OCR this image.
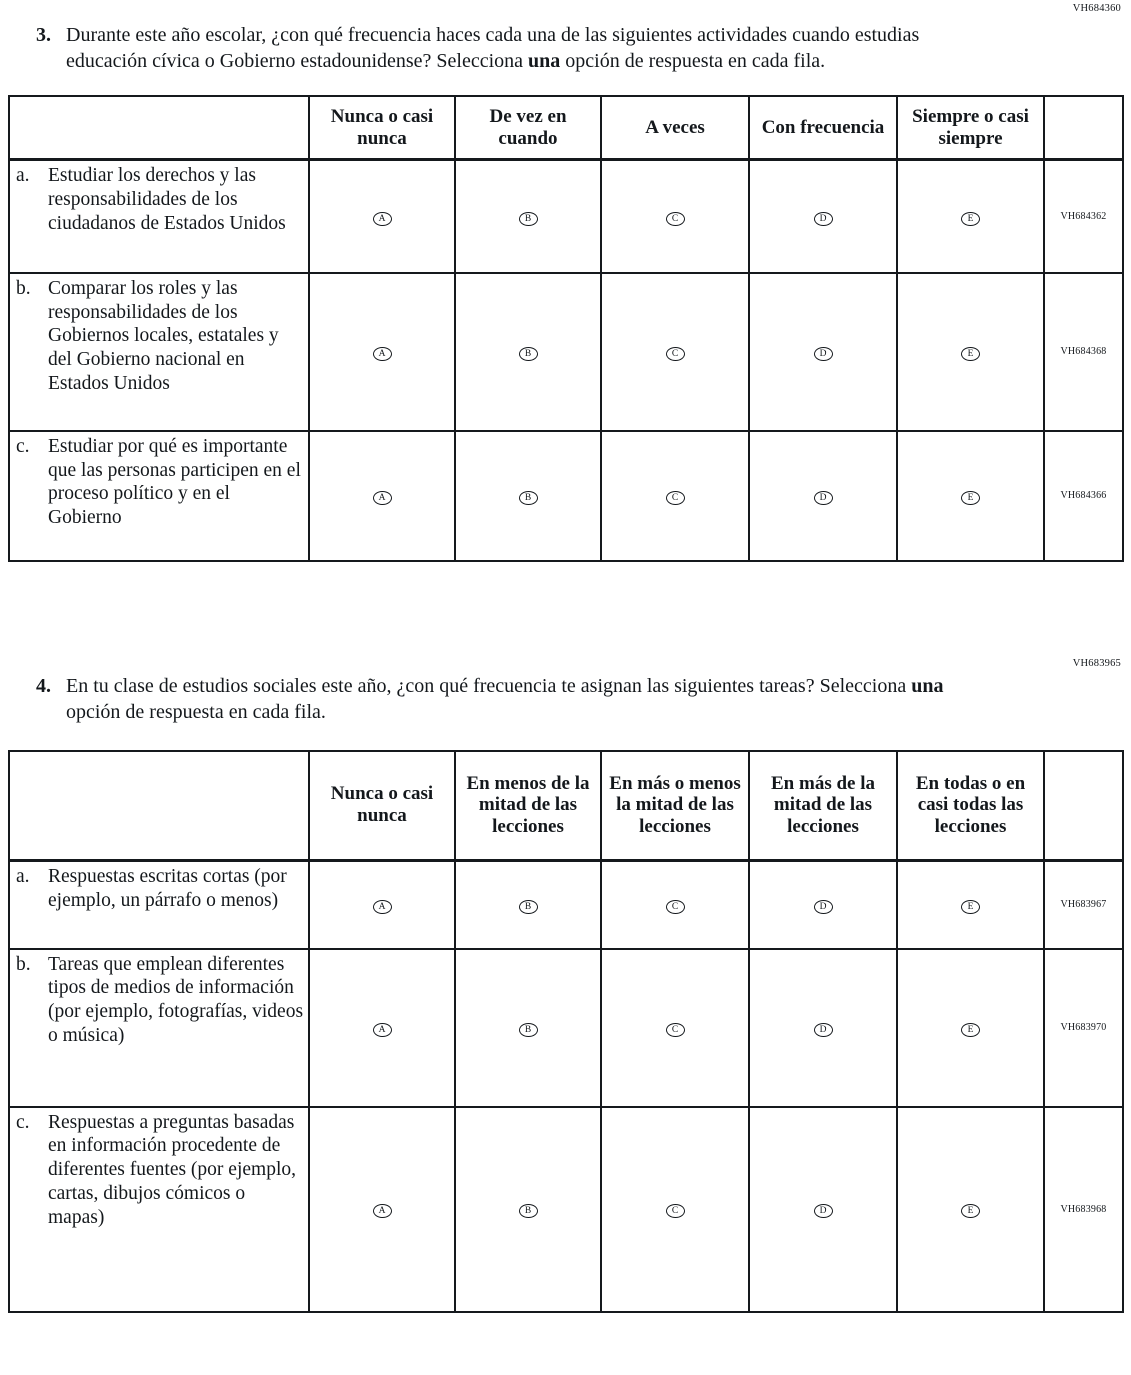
VH684360
3. Durante este año escolar, ¿con qué frecuencia haces cada una de las siguientes actividades cuando estudias educación cívica o Gobierno estadounidense? Selecciona una opción de respuesta en cada fila.
	Nunca o casi nunca	De vez en cuando	A veces	Con frecuencia	Siempre o casi siempre	

a. Estudiar los derechos y las responsabilidades de los ciudadanos de Estados Unidos	A	B	C	D	E	VH684362

b. Comparar los roles y las responsabilidades de los Gobiernos locales, estatales y del Gobierno nacional en Estados Unidos	A	B	C	D	E	VH684368

c. Estudiar por qué es importante que las personas participen en el proceso político y en el Gobierno	A	B	C	D	E	VH684366
VH683965
4. En tu clase de estudios sociales este año, ¿con qué frecuencia te asignan las siguientes tareas? Selecciona una opción de respuesta en cada fila.
	Nunca o casi nunca	En menos de la mitad de las lecciones	En más o menos la mitad de las lecciones	En más de la mitad de las lecciones	En todas o en casi todas las lecciones	

a. Respuestas escritas cortas (por ejemplo, un párrafo o menos)	A	B	C	D	E	VH683967

b. Tareas que emplean diferentes tipos de medios de información (por ejemplo, fotografías, videos o música)	A	B	C	D	E	VH683970

c. Respuestas a preguntas basadas en información procedente de diferentes fuentes (por ejemplo, cartas, dibujos cómicos o mapas)	A	B	C	D	E	VH683968
